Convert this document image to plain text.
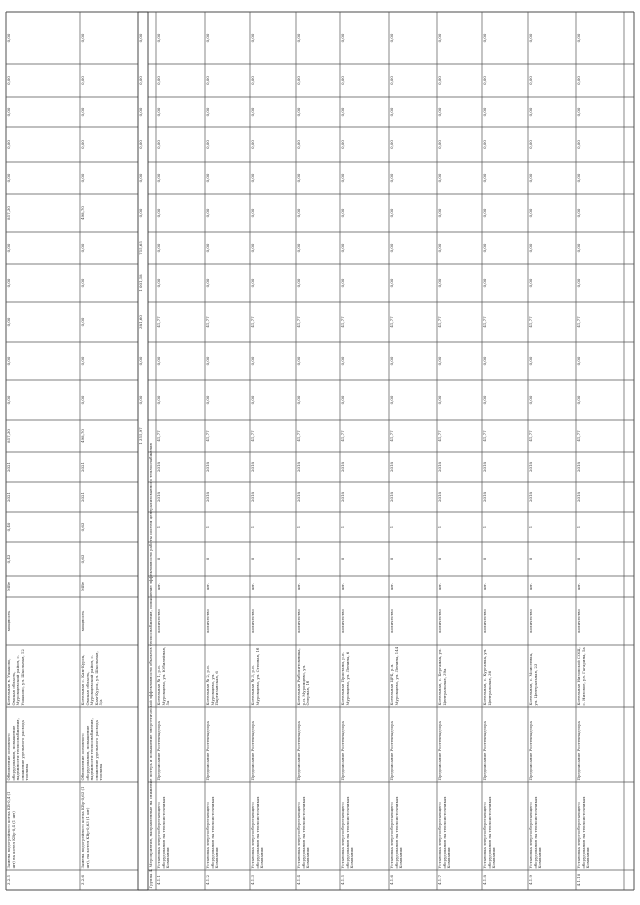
3.2.5
Замена водогрейного котла КВ-0,4 (1 шт) на котел КВр-0,4 (1 шт)
Обновление основного оборудования, повышение надежности теплоснабжения, снижение удельного расхода топлива
Котельная в. Ушаково, Омская область, Муромцевский район, с. Ушаково, ул. Школьная, 12
мощность
МВт
0,43
0,40
2021
2021
857,30
0,00
0,00
0,00
0,00
0,00
857,30
0,00
0,00
0,00
0,00
0,00
3.2.6
Замена водогрейного котла КВр-0,63 (1 шт), на котел КВр-0,63 (1 шт)
Обновление основного оборудования, повышение надежности теплоснабжения, снижение удельного расхода топлива
Котельная с. Кам-Курск, Омская область, Муромцевский район, с. Кам-Курск, ул. Школьная, 5/а
мощность
МВт
0,63
0,63
2021
2021
498,70
0,00
0,00
0,00
0,00
0,00
498,70
0,00
0,00
0,00
0,00
0,00
1 355,97
0,00
0,00
381,60
1 001,58
755,65
0,00
0,00
0,00
0,00
0,00
0,00
Группа 4. Мероприятия, направленные на снижение потерь и повышение энергетической эффективности объектов теплоснабжения, повышение эффективности работы систем централизованного теплоснабжения 4.1.1
Установка энергосберегающего оборудования на теплоисточниках Компании
Предписание Ростехнадзора
Котельная № 1, р.п. Муромцево, ул. Юбилейная, 5а
количество
шт.
0
1
2018
2018
41,77
0,00
0,00
41,77
0,00
0,00
0,00
0,00
0,00
0,00
0,00
0,00
4.1.2
Установка энергосберегающего оборудования на теплоисточниках Компании
Предписание Ростехнадзора
Котельная № 2, р.п. Муромцево, ул. Партизанская, 6
количество
шт.
0
1
2018
2018
41,77
0,00
0,00
41,77
0,00
0,00
0,00
0,00
0,00
0,00
0,00
0,00
4.1.3
Установка энергосберегающего оборудования на теплоисточниках Компании
Предписание Ростехнадзора
Котельная № 3, р.п. Муромцево, ул. Степная, 1б
количество
шт.
0
1
2018
2018
41,77
0,00
0,00
41,77
0,00
0,00
0,00
0,00
0,00
0,00
0,00
0,00
4.1.4
Установка энергосберегающего оборудования на теплоисточниках Компании
Предписание Ростехнадзора
Котельная Рыбопитомника, р.п. Муромцево, ул. Озерная, 1б
количество
шт.
0
1
2018
2018
41,77
0,00
0,00
41,77
0,00
0,00
0,00
0,00
0,00
0,00
0,00
0,00
4.1.5
Установка энергосберегающего оборудования на теплоисточниках Компании
Предписание Ростехнадзора
Котельная Пристани, р.п. Муромцево, ул. Ленина, 6
количество
шт.
0
1
2018
2018
41,77
0,00
0,00
41,77
0,00
0,00
0,00
0,00
0,00
0,00
0,00
0,00
4.1.6
Установка энергосберегающего оборудования на теплоисточниках Компании
Предписание Ростехнадзора
Котельная ЦРБ, р.п. Муромцево, ул. Ленина, 144
количество
шт.
0
1
2018
2018
41,77
0,00
0,00
41,77
0,00
0,00
0,00
0,00
0,00
0,00
0,00
0,00
4.1.7
Установка энергосберегающего оборудования на теплоисточниках Компании
Предписание Ростехнадзора
Котельная, с. Бергамак, ул. Центральная, 39а
количество
шт.
0
1
2018
2018
41,77
0,00
0,00
41,77
0,00
0,00
0,00
0,00
0,00
0,00
0,00
0,00
4.1.8
Установка энергосберегающего оборудования на теплоисточниках Компании
Предписание Ростехнадзора
Котельная, с. Курганка, ул. Центральная, 36
количество
шт.
0
1
2018
2018
41,77
0,00
0,00
41,77
0,00
0,00
0,00
0,00
0,00
0,00
0,00
0,00
4.1.9
Установка энергосберегающего оборудования на теплоисточниках Компании
Предписание Ростехнадзора
Котельная, с. Моисеевка, ул. Центральная, 23
количество
шт.
0
1
2018
2018
41,77
0,00
0,00
41,77
0,00
0,00
0,00
0,00
0,00
0,00
0,00
0,00
4.1.10
Установка энергосберегающего оборудования на теплоисточниках Компании
Предписание Ростехнадзора
Котельная Низовской СОШ, с. Низовое, ул. Гагарина, 5а
количество
шт.
0
1
2018
2018
41,77
0,00
0,00
41,77
0,00
0,00
0,00
0,00
0,00
0,00
0,00
0,00
